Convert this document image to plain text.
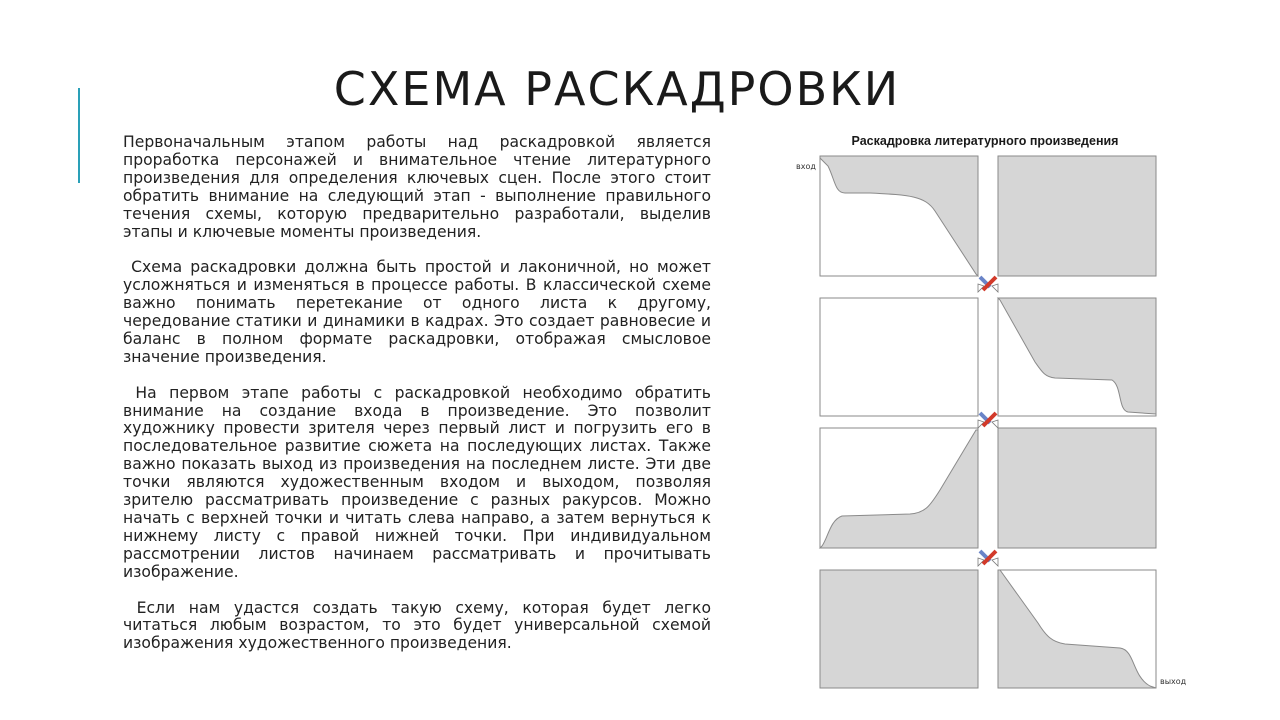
СХЕМА РАСКАДРОВКИ

Первоначальным этапом работы над раскадровкой является проработка персонажей и внимательное чтение литературного произведения для определения ключевых сцен. После этого стоит обратить внимание на следующий этап - выполнение правильного течения схемы, которую предварительно разработали, выделив этапы и ключевые моменты произведения.

Схема раскадровки должна быть простой и лаконичной, но может усложняться и изменяться в процессе работы. В классической схеме важно понимать перетекание от одного листа к другому, чередование статики и динамики в кадрах. Это создает равновесие и баланс в полном формате раскадровки, отображая смысловое значение произведения.

На первом этапе работы с раскадровкой необходимо обратить внимание на создание входа в произведение. Это позволит художнику провести зрителя через первый лист и погрузить его в последовательное развитие сюжета на последующих листах. Также важно показать выход из произведения на последнем листе. Эти две точки являются художественным входом и выходом, позволяя зрителю рассматривать произведение с разных ракурсов. Можно начать с верхней точки и читать слева направо, а затем вернуться к нижнему листу с правой нижней точки. При индивидуальном рассмотрении листов начинаем рассматривать и прочитывать изображение.

Если нам удастся создать такую схему, которая будет легко читаться любым возрастом, то это будет универсальной схемой изображения художественного произведения.

Раскадровка литературного произведения
вход
выход
